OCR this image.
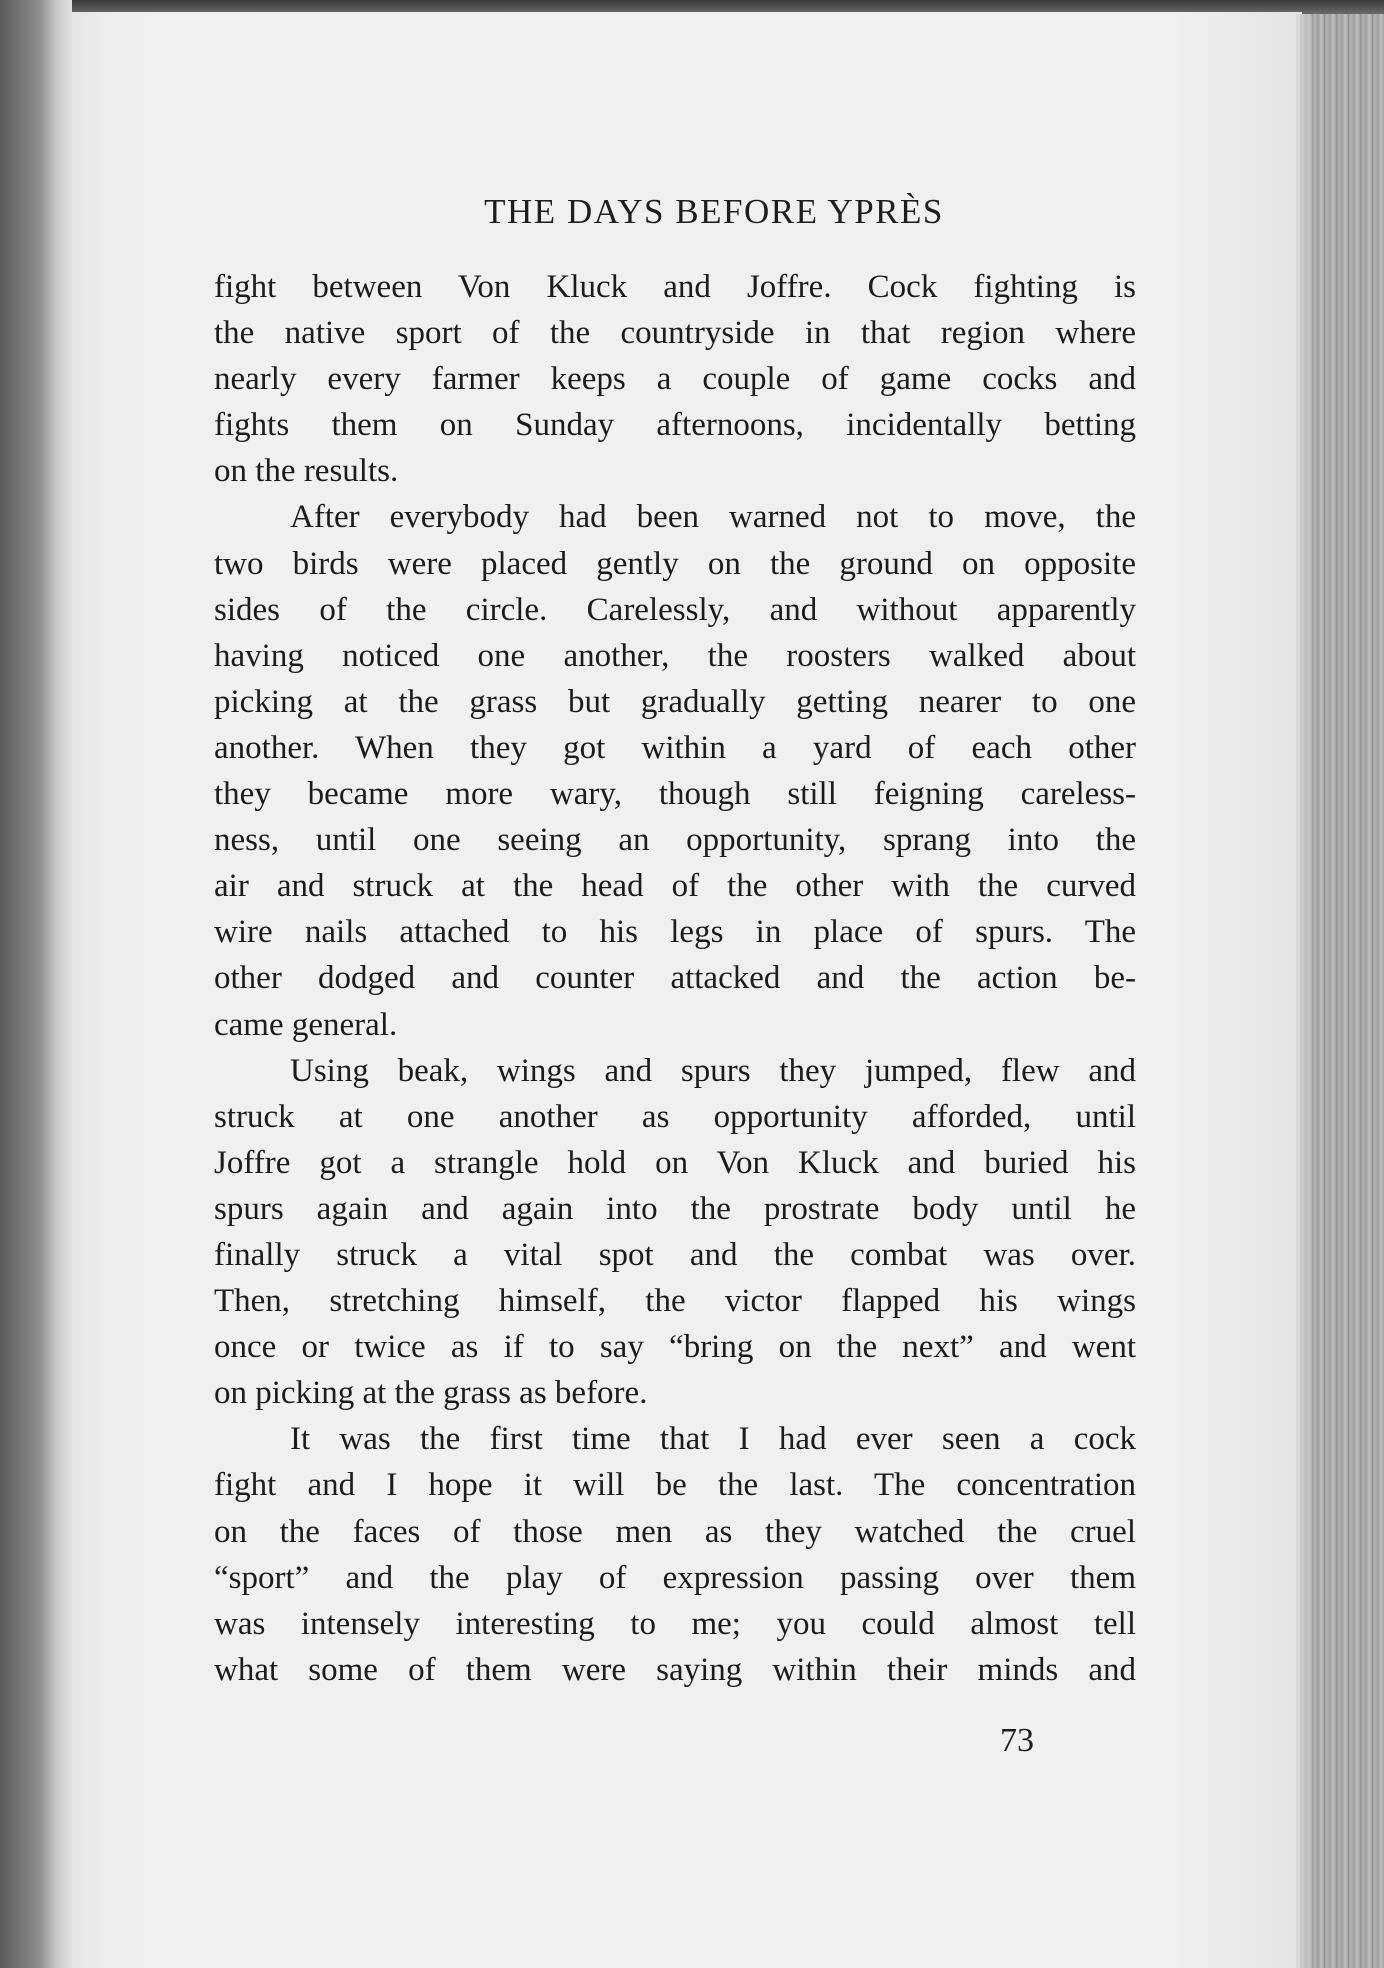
THE DAYS BEFORE YPRÈS
fight between Von Kluck and Joffre. Cock fighting is
the native sport of the countryside in that region where
nearly every farmer keeps a couple of game cocks and
fights them on Sunday afternoons, incidentally betting
on the results.
After everybody had been warned not to move, the
two birds were placed gently on the ground on opposite
sides of the circle. Carelessly, and without apparently
having noticed one another, the roosters walked about
picking at the grass but gradually getting nearer to one
another. When they got within a yard of each other
they became more wary, though still feigning careless-
ness, until one seeing an opportunity, sprang into the
air and struck at the head of the other with the curved
wire nails attached to his legs in place of spurs. The
other dodged and counter attacked and the action be-
came general.
Using beak, wings and spurs they jumped, flew and
struck at one another as opportunity afforded, until
Joffre got a strangle hold on Von Kluck and buried his
spurs again and again into the prostrate body until he
finally struck a vital spot and the combat was over.
Then, stretching himself, the victor flapped his wings
once or twice as if to say “bring on the next” and went
on picking at the grass as before.
It was the first time that I had ever seen a cock
fight and I hope it will be the last. The concentration
on the faces of those men as they watched the cruel
“sport” and the play of expression passing over them
was intensely interesting to me; you could almost tell
what some of them were saying within their minds and
73
